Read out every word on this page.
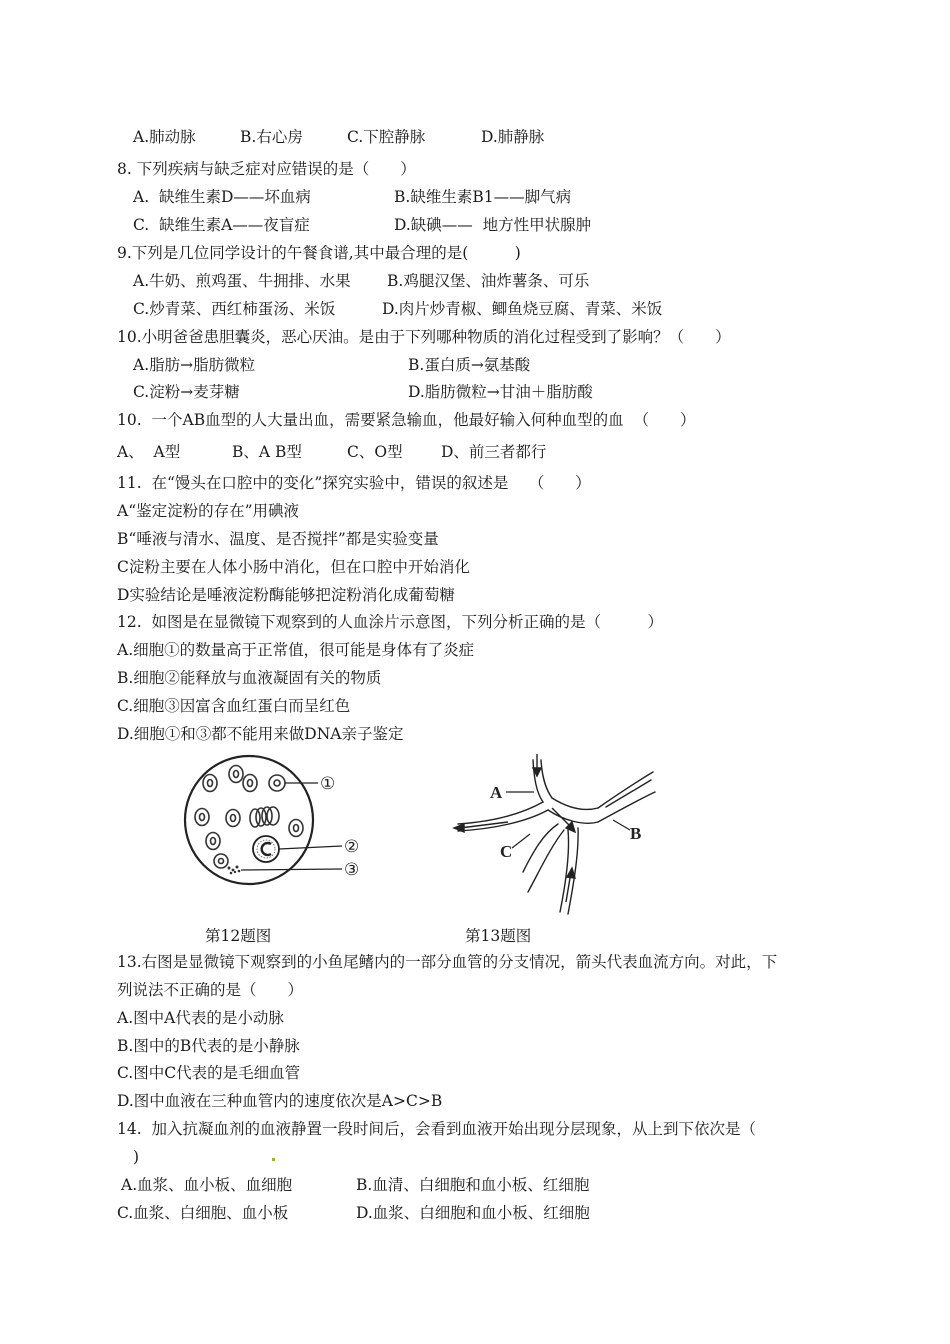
A.肺动脉	B.右心房	C.下腔静脉	D.肺静脉
8. 下列疾病与缺乏症对应错误的是（　　）
A.  缺维生素D——坏血病	B.缺维生素B1——脚气病
C.  缺维生素A——夜盲症	D.缺碘——  地方性甲状腺肿
9.下列是几位同学设计的午餐食谱,其中最合理的是(　　　)
A.牛奶、煎鸡蛋、牛拥排、水果 B.鸡腿汉堡、油炸薯条、可乐
C.炒青菜、西红柿蛋汤、米饭	D.肉片炒青椒、鲫鱼烧豆腐、青菜、米饭
10.小明爸爸患胆囊炎，恶心厌油。是由于下列哪种物质的消化过程受到了影响？（　　）
A.脂肪→脂肪微粒	B.蛋白质→氨基酸
C.淀粉→麦芽糖	D.脂肪微粒→甘油＋脂肪酸
10.  一个AB血型的人大量出血，需要紧急输血，他最好输入何种血型的血  （　　）
A、  A型	B、A B型	C、O型 D、前三者都行
11.  在“馒头在口腔中的变化”探究实验中，错误的叙述是　 （　　）
A“鉴定淀粉的存在”用碘液
B“唾液与清水、温度、是否搅拌”都是实验变量
C淀粉主要在人体小肠中消化，但在口腔中开始消化
D实验结论是唾液淀粉酶能够把淀粉消化成葡萄糖
12.  如图是在显微镜下观察到的人血涂片示意图，下列分析正确的是（　　　）
A.细胞①的数量高于正常值，很可能是身体有了炎症
B.细胞②能释放与血液凝固有关的物质
C.细胞③因富含血红蛋白而呈红色
D.细胞①和③都不能用来做DNA亲子鉴定
①
②
③
A
B
C
第12题图	第13题图
13.右图是显微镜下观察到的小鱼尾鳍内的一部分血管的分支情况，箭头代表血流方向。对此，下
列说法不正确的是（　　）
A.图中A代表的是小动脉
B.图中的B代表的是小静脉
C.图中C代表的是毛细血管
D.图中血液在三种血管内的速度依次是A>C>B
14.  加入抗凝血剂的血液静置一段时间后，会看到血液开始出现分层现象，从上到下依次是（
)
A.血浆、血小板、血细胞	B.血清、白细胞和血小板、红细胞
C.血浆、白细胞、血小板	D.血浆、白细胞和血小板、红细胞
